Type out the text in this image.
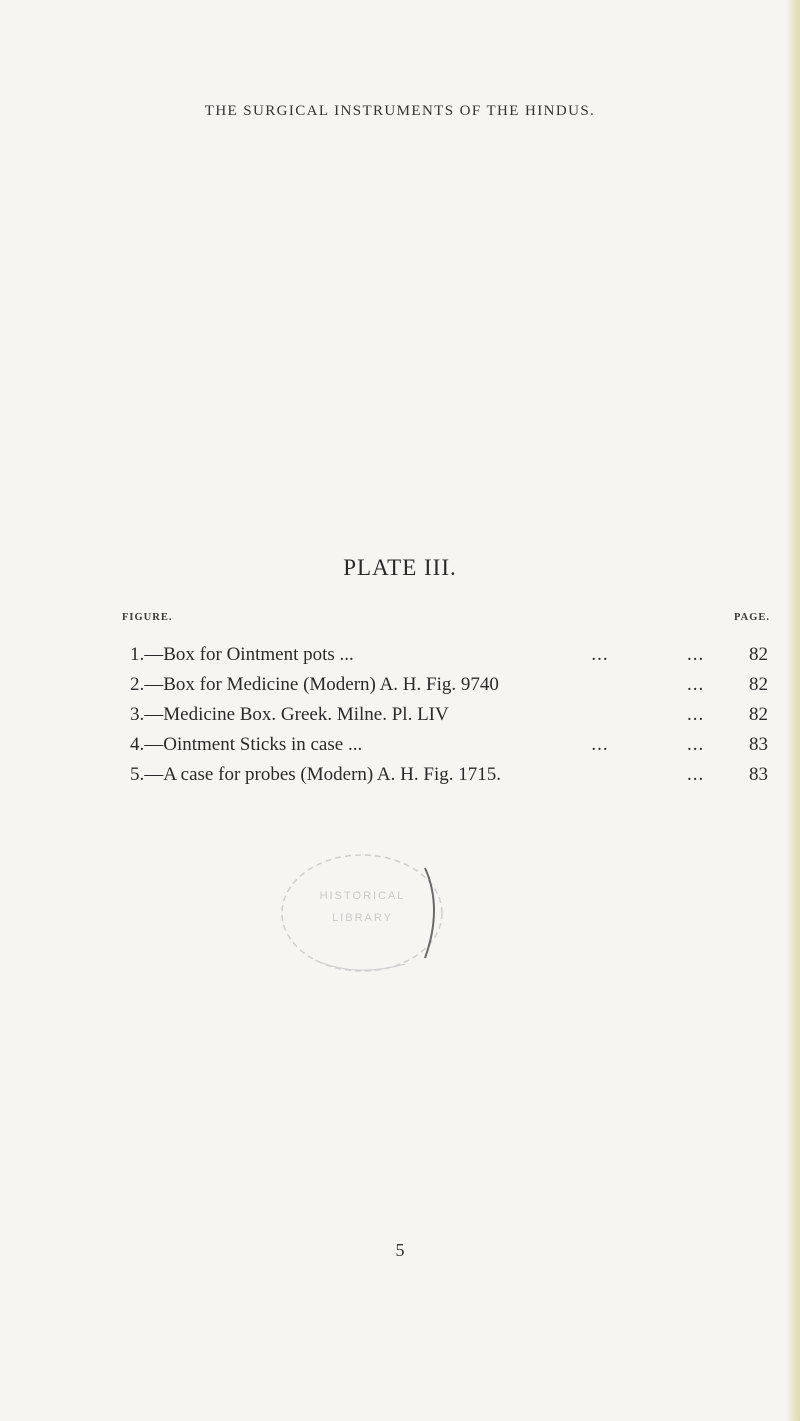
THE SURGICAL INSTRUMENTS OF THE HINDUS.
PLATE III.
FIGURE.	PAGE.
1.—Box for Ointment pots ...	...	...	82
2.—Box for Medicine (Modern) A. H. Fig. 9740	...	82
3.—Medicine Box. Greek. Milne. Pl. LIV	...	82
4.—Ointment Sticks in case ...	...	...	83
5.—A case for probes (Modern) A. H. Fig. 1715.	...	83
HISTORICAL
LIBRARY
5
